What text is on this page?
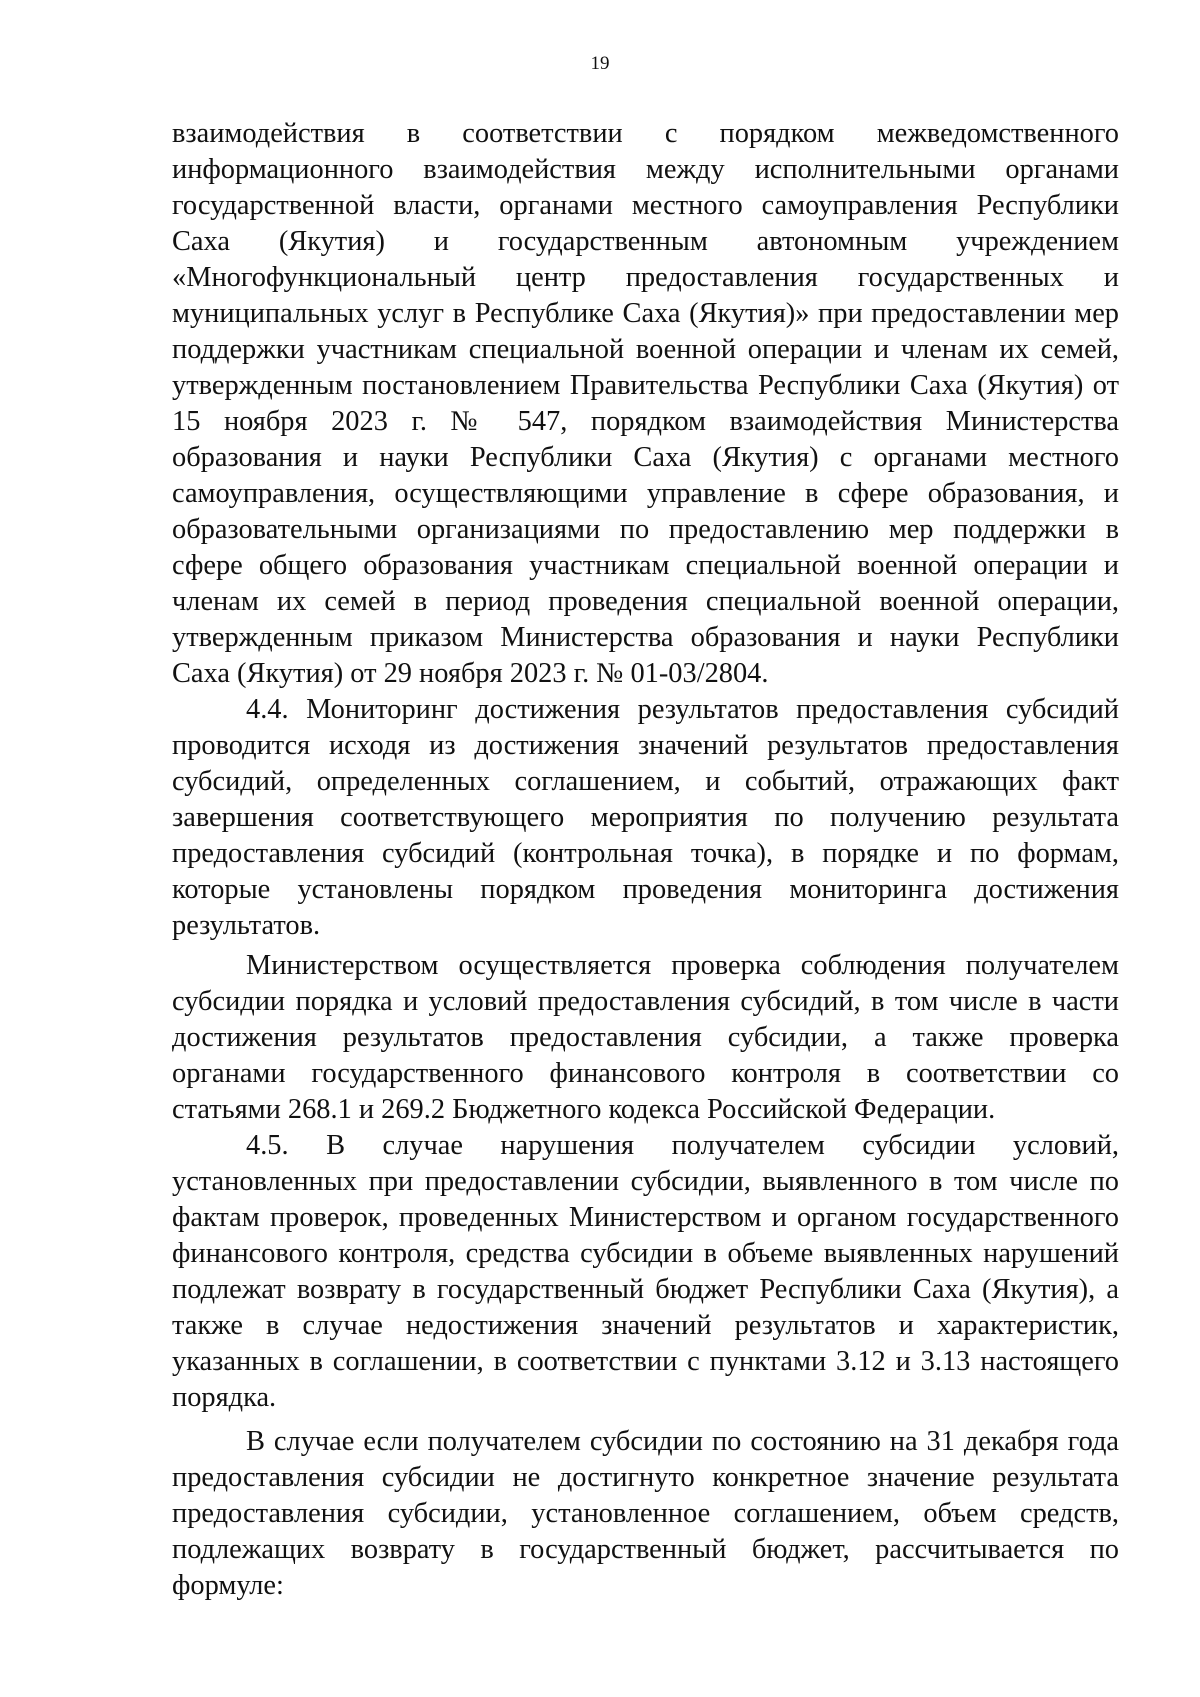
19

взаимодействия в соответствии с порядком межведомственного информационного взаимодействия между исполнительными органами государственной власти, органами местного самоуправления Республики Саха (Якутия) и государственным автономным учреждением «Многофункциональный центр предоставления государственных и муниципальных услуг в Республике Саха (Якутия)» при предоставлении мер поддержки участникам специальной военной операции и членам их семей, утвержденным постановлением Правительства Республики Саха (Якутия) от 15 ноября 2023 г. № 547, порядком взаимодействия Министерства образования и науки Республики Саха (Якутия) с органами местного самоуправления, осуществляющими управление в сфере образования, и образовательными организациями по предоставлению мер поддержки в сфере общего образования участникам специальной военной операции и членам их семей в период проведения специальной военной операции, утвержденным приказом Министерства образования и науки Республики Саха (Якутия) от 29 ноября 2023 г. № 01-03/2804.

4.4. Мониторинг достижения результатов предоставления субсидий проводится исходя из достижения значений результатов предоставления субсидий, определенных соглашением, и событий, отражающих факт завершения соответствующего мероприятия по получению результата предоставления субсидий (контрольная точка), в порядке и по формам, которые установлены порядком проведения мониторинга достижения результатов.

Министерством осуществляется проверка соблюдения получателем субсидии порядка и условий предоставления субсидий, в том числе в части достижения результатов предоставления субсидии, а также проверка органами государственного финансового контроля в соответствии со статьями 268.1 и 269.2 Бюджетного кодекса Российской Федерации.

4.5. В случае нарушения получателем субсидии условий, установленных при предоставлении субсидии, выявленного в том числе по фактам проверок, проведенных Министерством и органом государственного финансового контроля, средства субсидии в объеме выявленных нарушений подлежат возврату в государственный бюджет Республики Саха (Якутия), а также в случае недостижения значений результатов и характеристик, указанных в соглашении, в соответствии с пунктами 3.12 и 3.13 настоящего порядка.

В случае если получателем субсидии по состоянию на 31 декабря года предоставления субсидии не достигнуто конкретное значение результата предоставления субсидии, установленное соглашением, объем средств, подлежащих возврату в государственный бюджет, рассчитывается по формуле:
